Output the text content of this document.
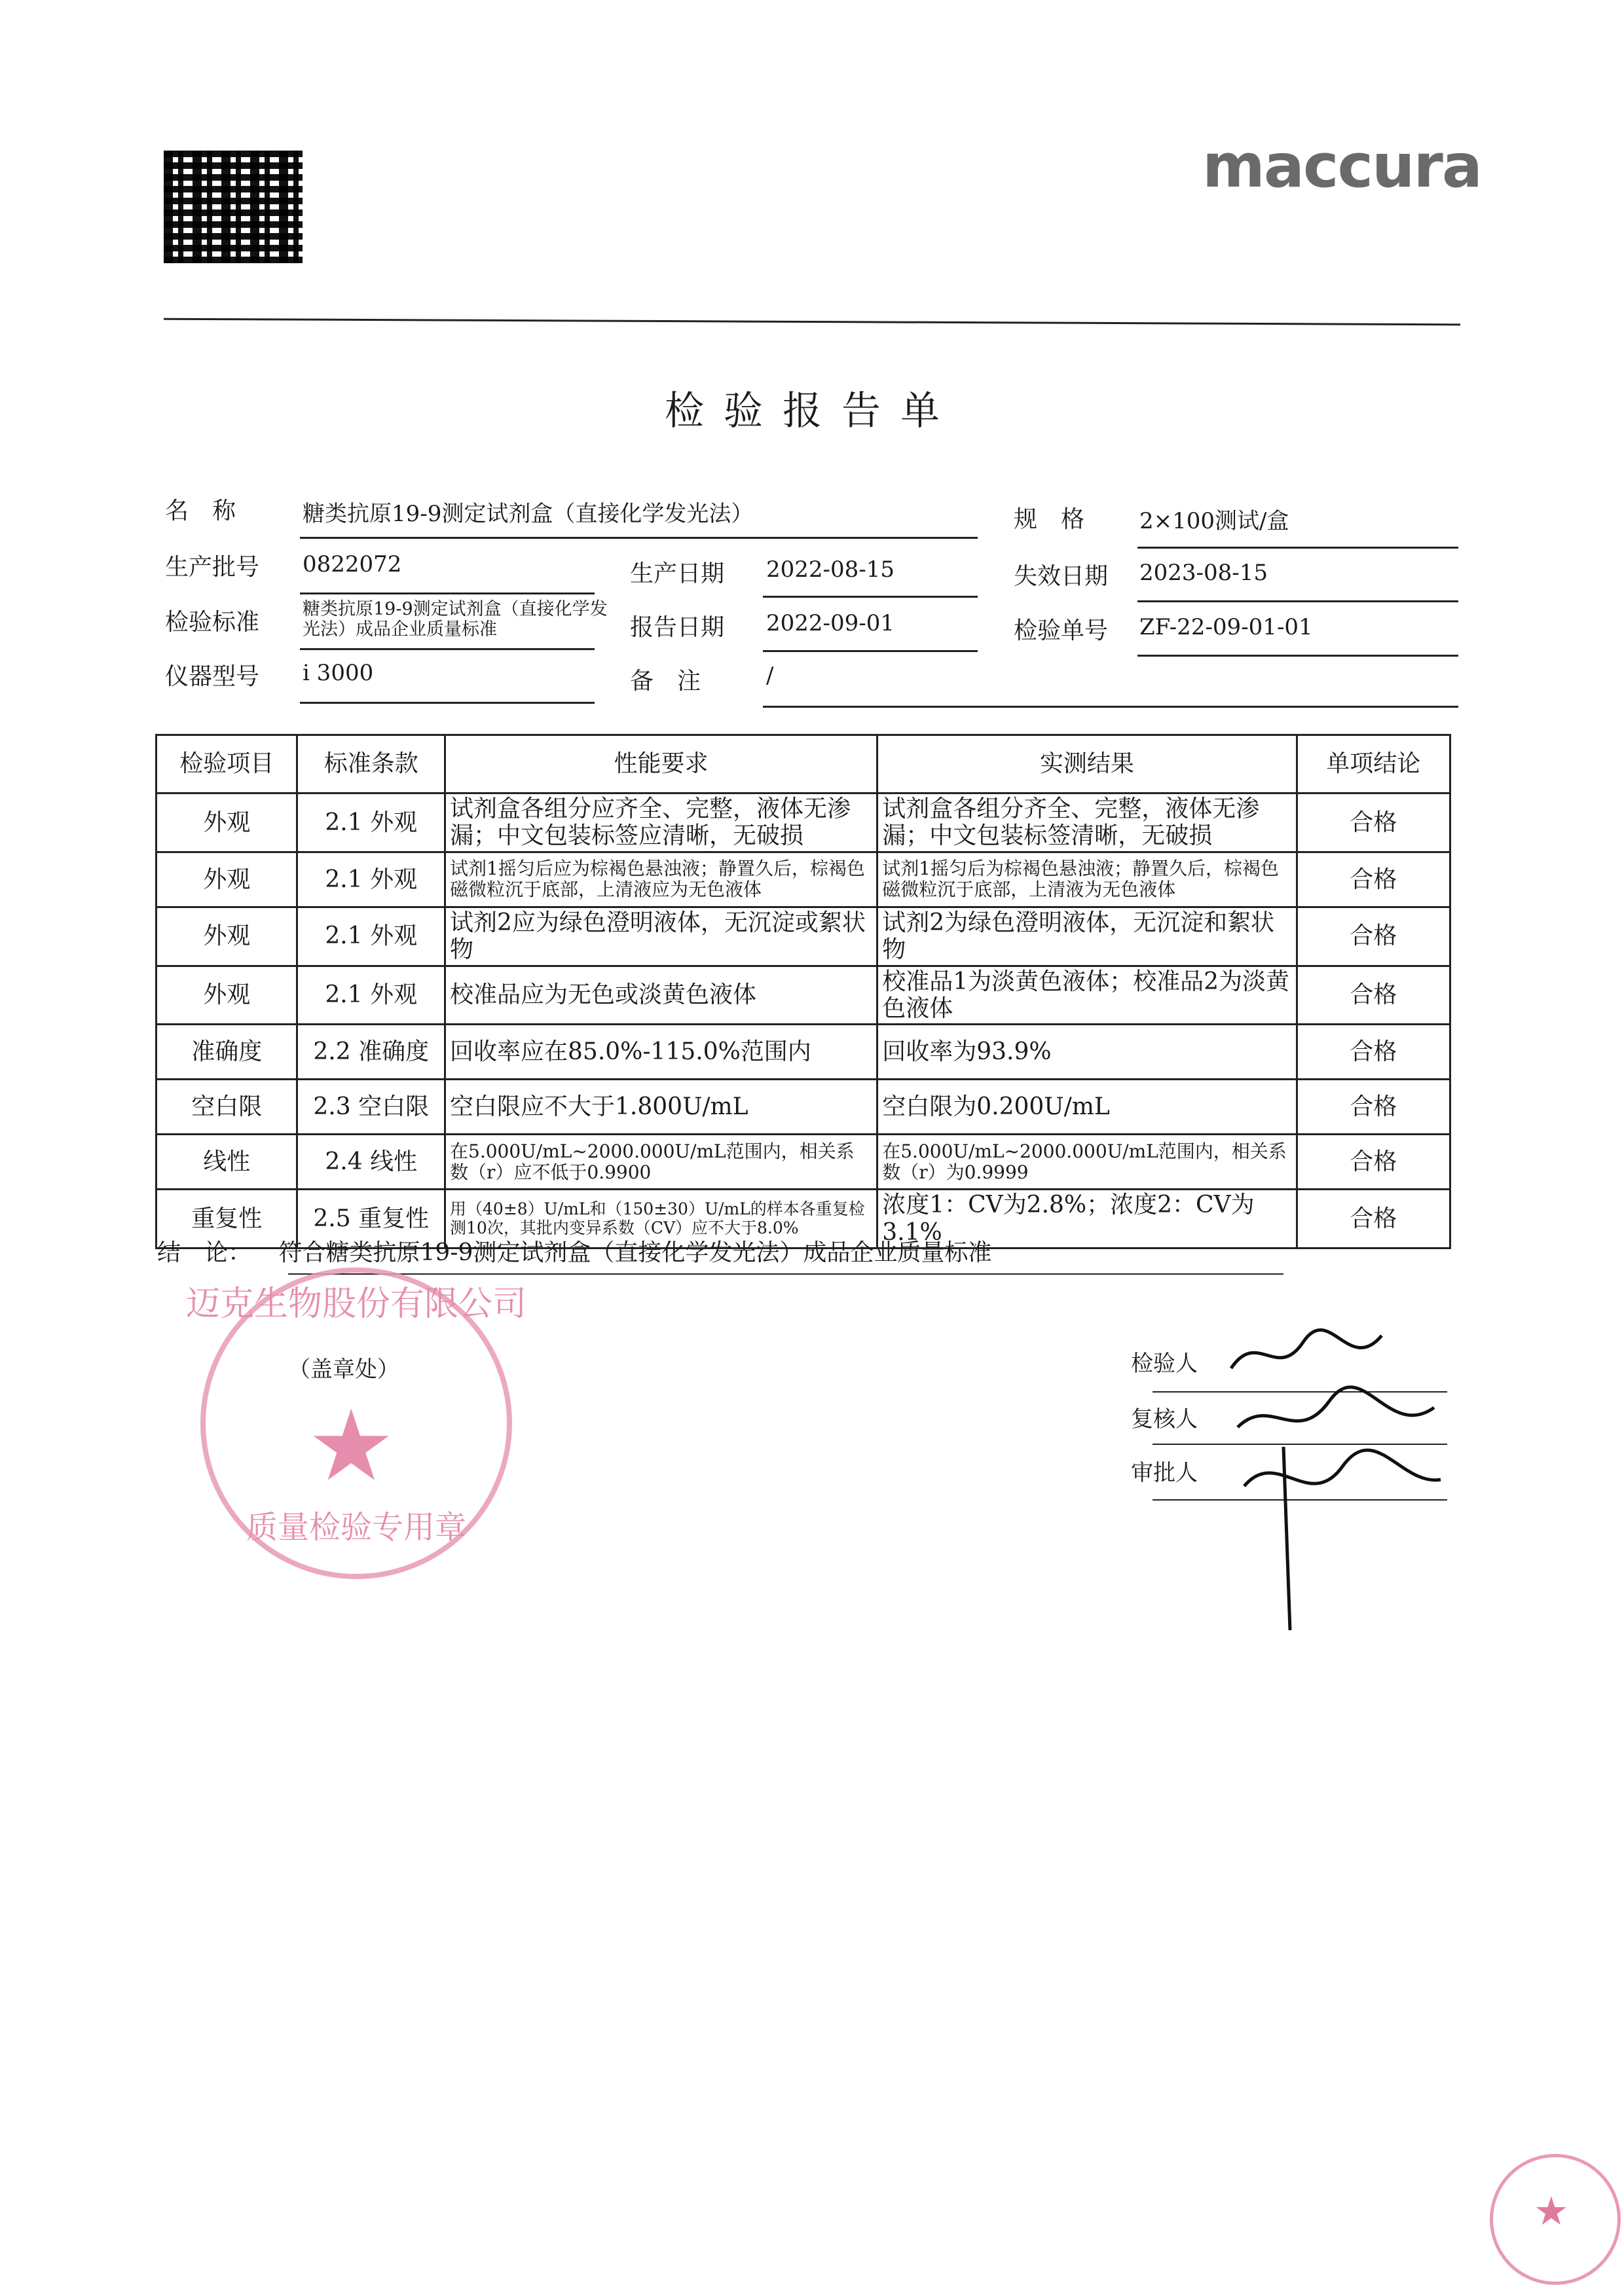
maccura
检验报告单
名　称	糖类抗原19-9测定试剂盒（直接化学发光法）	规　格 2×100测试/盒
生产批号 0822072	生产日期 2022-08-15	失效日期 2023-08-15
检验标准 糖类抗原19-9测定试剂盒（直接化学发光法）成品企业质量标准	报告日期 2022-09-01	检验单号 ZF-22-09-01-01
仪器型号 i 3000	备　注	/
检验项目	标准条款	性能要求	实测结果	单项结论
外观	2.1 外观	试剂盒各组分应齐全、完整，液体无渗漏；中文包装标签应清晰，无破损	试剂盒各组分齐全、完整，液体无渗漏；中文包装标签清晰，无破损	合格
外观	2.1 外观	试剂1摇匀后应为棕褐色悬浊液；静置久后，棕褐色磁微粒沉于底部，上清液应为无色液体	试剂1摇匀后为棕褐色悬浊液；静置久后，棕褐色磁微粒沉于底部，上清液为无色液体	合格
外观	2.1 外观	试剂2应为绿色澄明液体，无沉淀或絮状物	试剂2为绿色澄明液体，无沉淀和絮状物	合格
外观	2.1 外观	校准品应为无色或淡黄色液体	校准品1为淡黄色液体；校准品2为淡黄色液体	合格
准确度	2.2 准确度	回收率应在85.0%-115.0%范围内	回收率为93.9%	合格
空白限	2.3 空白限	空白限应不大于1.800U/mL	空白限为0.200U/mL	合格
线性	2.4 线性	在5.000U/mL~2000.000U/mL范围内，相关系数（r）应不低于0.9900	在5.000U/mL~2000.000U/mL范围内，相关系数（r）为0.9999	合格
重复性	2.5 重复性	用（40±8）U/mL和（150±30）U/mL的样本各重复检测10次，其批内变异系数（CV）应不大于8.0%	浓度1：CV为2.8%；浓度2：CV为3.1%	合格
结　论： 符合糖类抗原19-9测定试剂盒（直接化学发光法）成品企业质量标准
迈克生物股份有限公司
★
质量检验专用章
（盖章处）	检验人
复核人
审批人
★
